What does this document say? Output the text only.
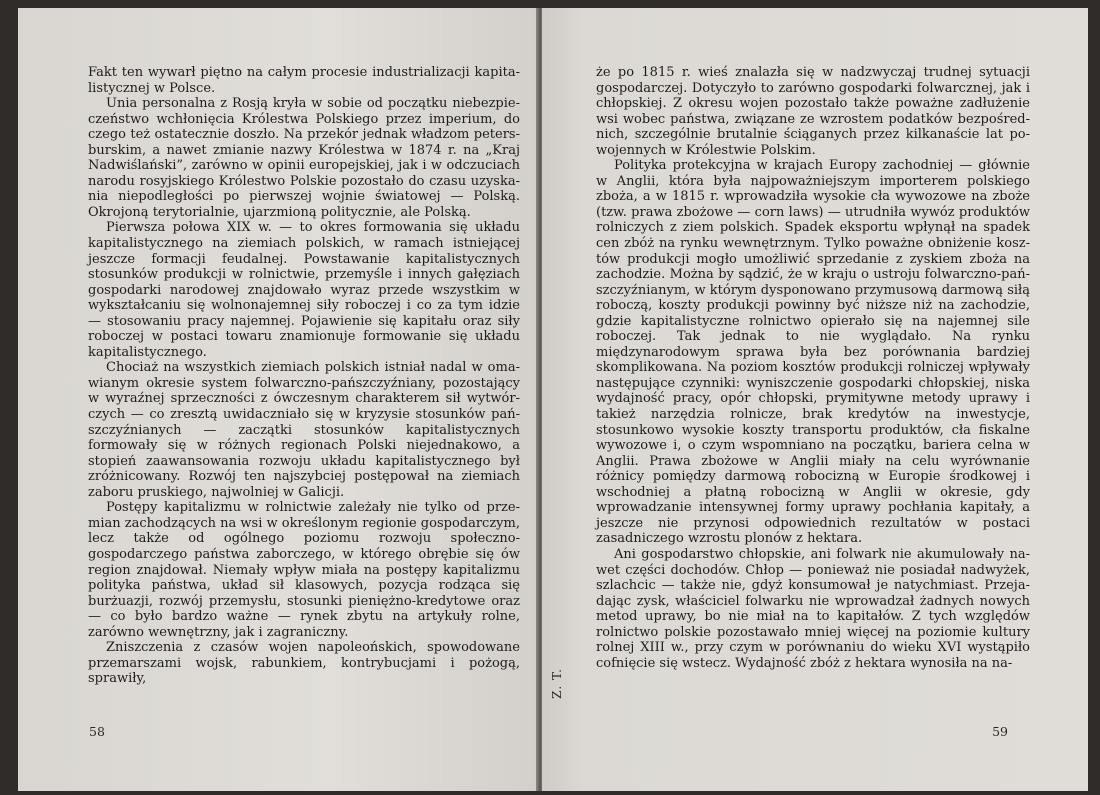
Fakt ten wywarł piętno na całym procesie industrializacji kapitalistycznej w Polsce.

Unia personalna z Rosją kryła w sobie od początku niebezpieczeństwo wchłonięcia Królestwa Polskiego przez imperium, do czego też ostatecznie doszło. Na przekór jednak władzom petersburskim, a nawet zmianie nazwy Królestwa w 1874 r. na „Kraj Nadwiślański”, zarówno w opinii europejskiej, jak i w odczuciach narodu rosyjskiego Królestwo Polskie pozostało do czasu uzyskania niepodległości po pierwszej wojnie światowej — Polską. Okrojoną terytorialnie, ujarzmioną politycznie, ale Polską.

Pierwsza połowa XIX w. — to okres formowania się układu kapitalistycznego na ziemiach polskich, w ramach istniejącej jeszcze formacji feudalnej. Powstawanie kapitalistycznych stosunków produkcji w rolnictwie, przemyśle i innych gałęziach gospodarki narodowej znajdowało wyraz przede wszystkim w wykształcaniu się wolnonajemnej siły roboczej i co za tym idzie — stosowaniu pracy najemnej. Pojawienie się kapitału oraz siły roboczej w postaci towaru znamionuje formowanie się układu kapitalistycznego.

Chociaż na wszystkich ziemiach polskich istniał nadal w omawianym okresie system folwarczno-pańszczyźniany, pozostający w wyraźnej sprzeczności z ówczesnym charakterem sił wytwórczych — co zresztą uwidaczniało się w kryzysie stosunków pańszczyźnianych — zaczątki stosunków kapitalistycznych formowały się w różnych regionach Polski niejednakowo, a stopień zaawansowania rozwoju układu kapitalistycznego był zróżnicowany. Rozwój ten najszybciej postępował na ziemiach zaboru pruskiego, najwolniej w Galicji.

Postępy kapitalizmu w rolnictwie zależały nie tylko od przemian zachodzących na wsi w określonym regionie gospodarczym, lecz także od ogólnego poziomu rozwoju społeczno-gospodarczego państwa zaborczego, w którego obrębie się ów region znajdował. Niemały wpływ miała na postępy kapitalizmu polityka państwa, układ sił klasowych, pozycja rodząca się burżuazji, rozwój przemysłu, stosunki pieniężno-kredytowe oraz — co było bardzo ważne — rynek zbytu na artykuły rolne, zarówno wewnętrzny, jak i zagraniczny.

Zniszczenia z czasów wojen napoleońskich, spowodowane przemarszami wojsk, rabunkiem, kontrybucjami i pożogą, sprawiły,

58
Z. T.

że po 1815 r. wieś znalazła się w nadzwyczaj trudnej sytuacji gospodarczej. Dotyczyło to zarówno gospodarki folwarcznej, jak i chłopskiej. Z okresu wojen pozostało także poważne zadłużenie wsi wobec państwa, związane ze wzrostem podatków bezpośrednich, szczególnie brutalnie ściąganych przez kilkanaście lat powojennych w Królestwie Polskim.

Polityka protekcyjna w krajach Europy zachodniej — głównie w Anglii, która była najpoważniejszym importerem polskiego zboża, a w 1815 r. wprowadziła wysokie cła wywozowe na zboże (tzw. prawa zbożowe — corn laws) — utrudniła wywóz produktów rolniczych z ziem polskich. Spadek eksportu wpłynął na spadek cen zbóż na rynku wewnętrznym. Tylko poważne obniżenie kosztów produkcji mogło umożliwić sprzedanie z zyskiem zboża na zachodzie. Można by sądzić, że w kraju o ustroju folwarczno-pańszczyźnianym, w którym dysponowano przymusową darmową siłą roboczą, koszty produkcji powinny być niższe niż na zachodzie, gdzie kapitalistyczne rolnictwo opierało się na najemnej sile roboczej. Tak jednak to nie wyglądało. Na rynku międzynarodowym sprawa była bez porównania bardziej skomplikowana. Na poziom kosztów produkcji rolniczej wpływały następujące czynniki: wyniszczenie gospodarki chłopskiej, niska wydajność pracy, opór chłopski, prymitywne metody uprawy i takież narzędzia rolnicze, brak kredytów na inwestycje, stosunkowo wysokie koszty transportu produktów, cła fiskalne wywozowe i, o czym wspomniano na początku, bariera celna w Anglii. Prawa zbożowe w Anglii miały na celu wyrównanie różnicy pomiędzy darmową robocizną w Europie środkowej i wschodniej a płatną robocizną w Anglii w okresie, gdy wprowadzanie intensywnej formy uprawy pochłania kapitały, a jeszcze nie przynosi odpowiednich rezultatów w postaci zasadniczego wzrostu plonów z hektara.

Ani gospodarstwo chłopskie, ani folwark nie akumulowały nawet części dochodów. Chłop — ponieważ nie posiadał nadwyżek, szlachcic — także nie, gdyż konsumował je natychmiast. Przejadając zysk, właściciel folwarku nie wprowadzał żadnych nowych metod uprawy, bo nie miał na to kapitałów. Z tych względów rolnictwo polskie pozostawało mniej więcej na poziomie kultury rolnej XIII w., przy czym w porównaniu do wieku XVI wystąpiło cofnięcie się wstecz. Wydajność zbóż z hektara wynosiła na na-

59
